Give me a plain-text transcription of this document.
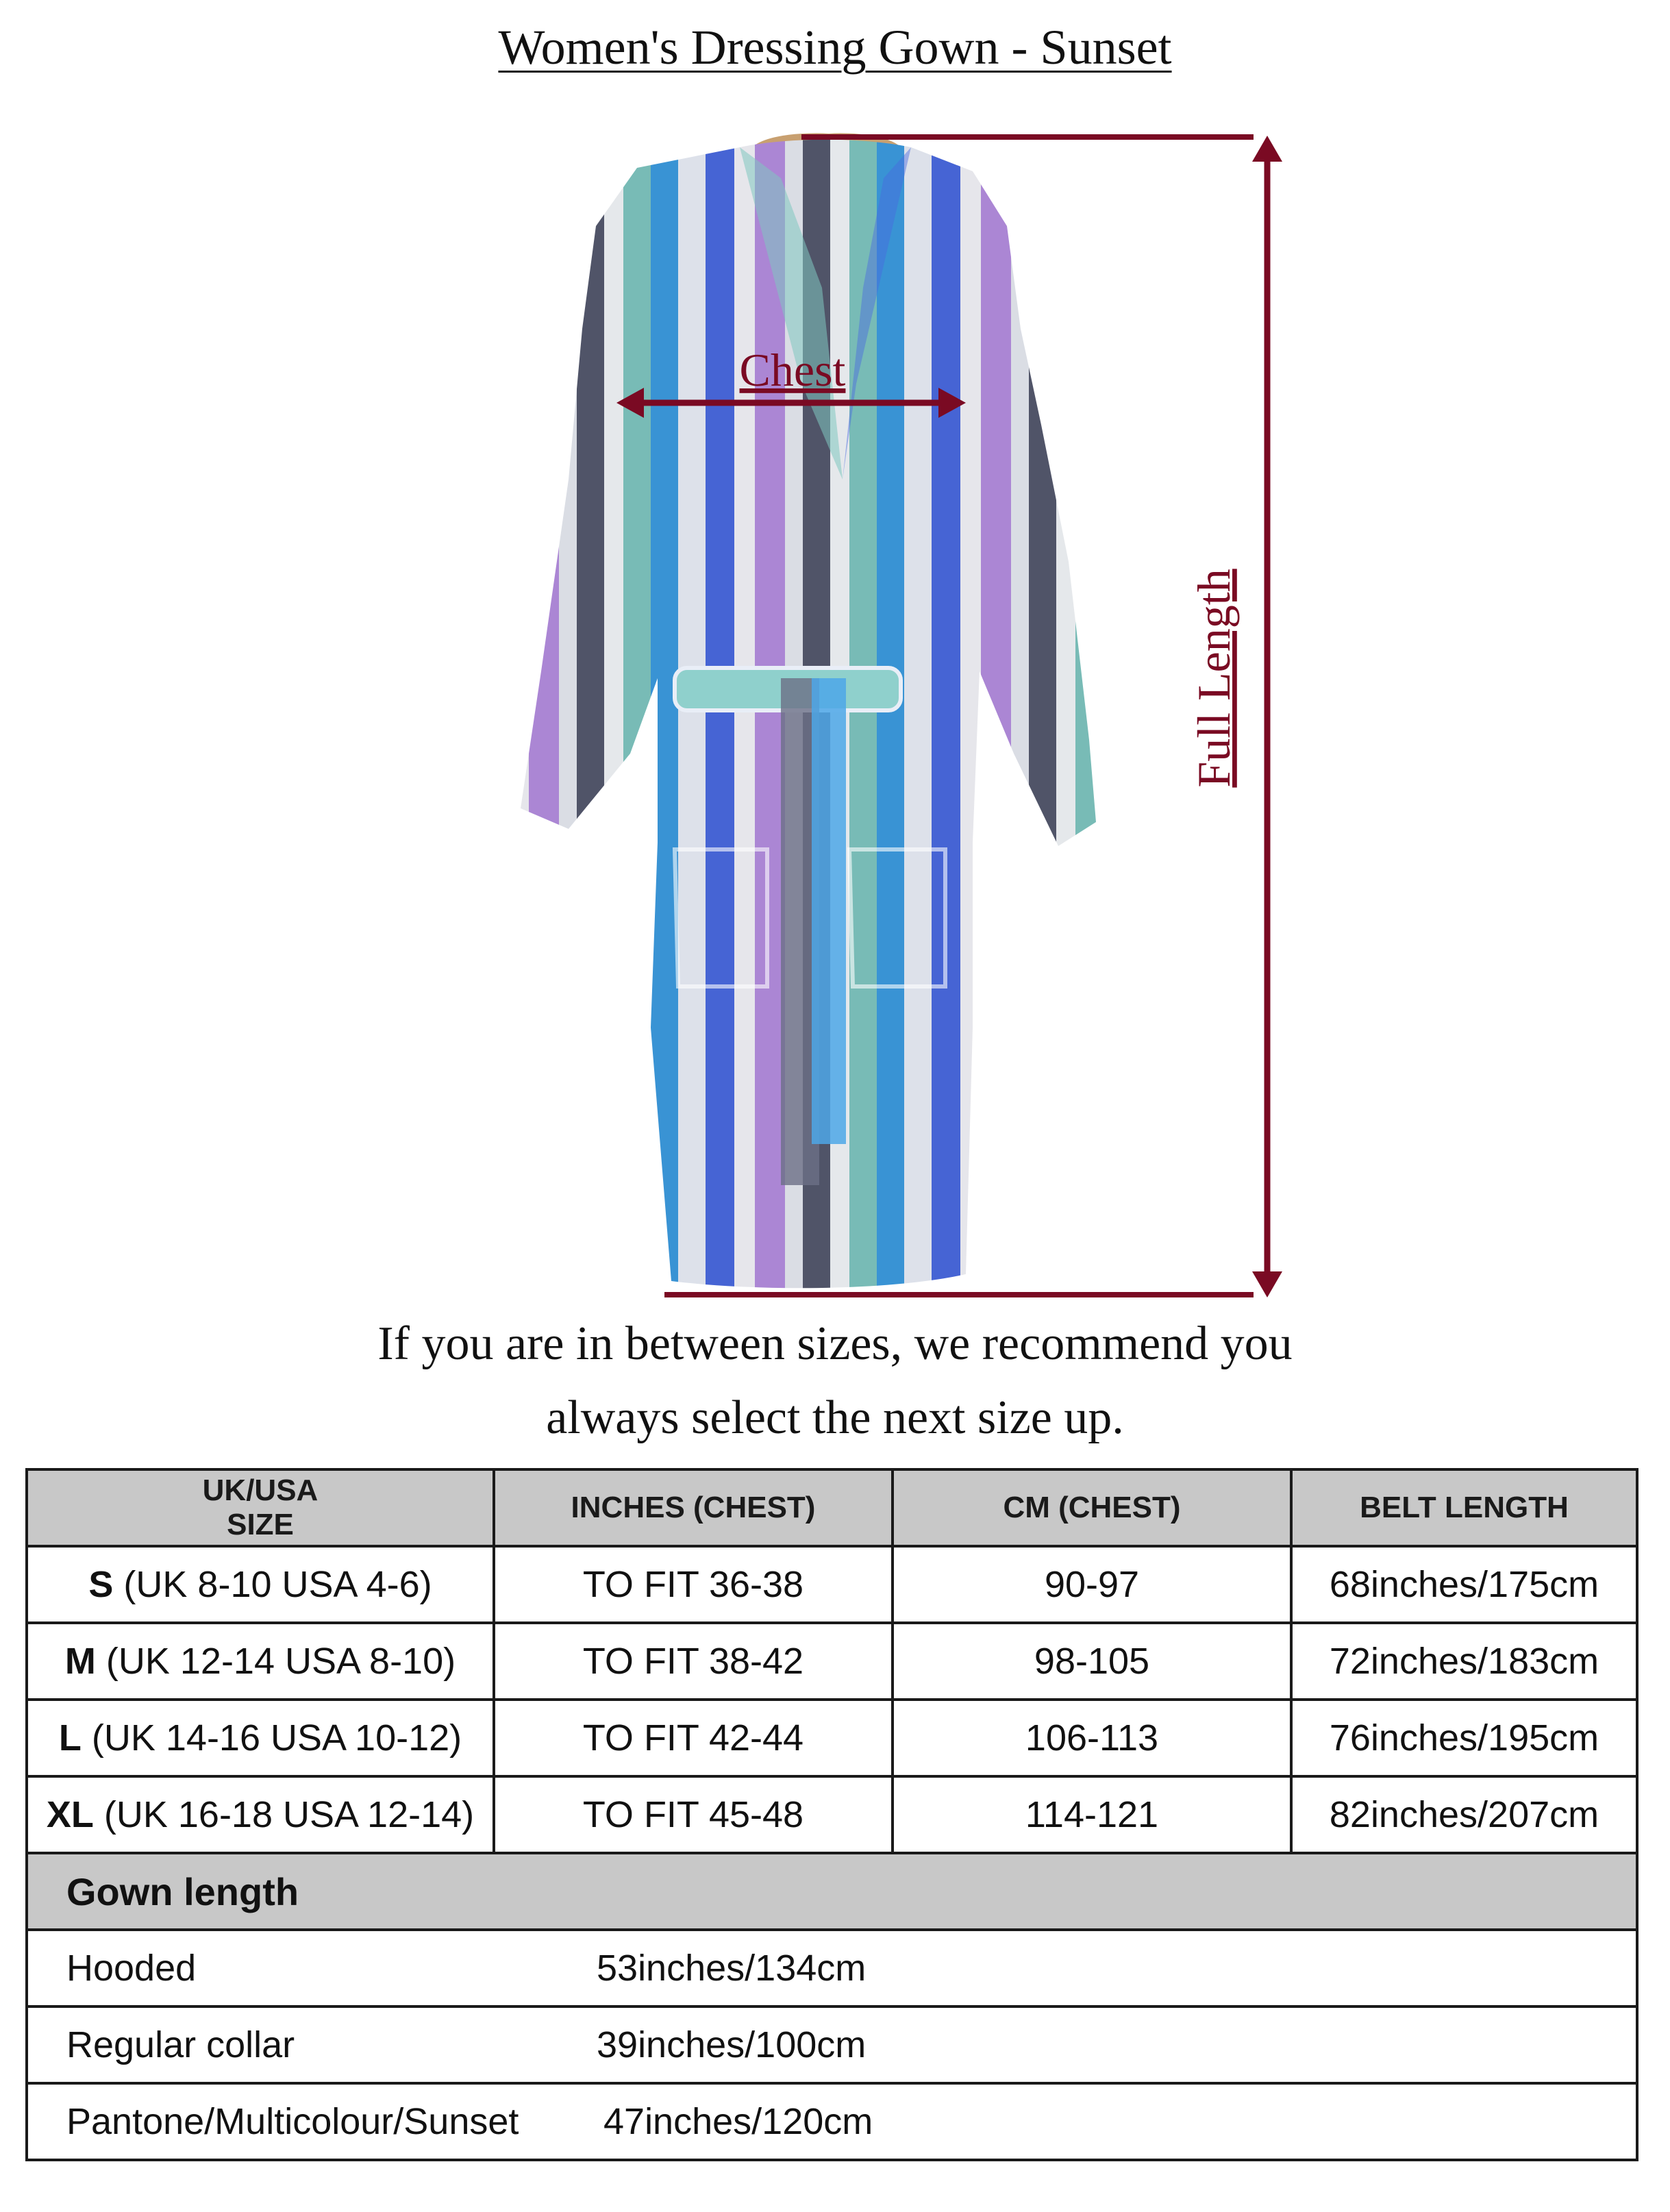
Women's Dressing Gown - Sunset
Chest
Full Length
If you are in between sizes, we recommend you
always select the next size up.
UK/USA
SIZE	INCHES (CHEST)	CM (CHEST)	BELT LENGTH
S (UK 8-10 USA 4-6)	TO FIT 36-38	90-97	68inches/175cm
M (UK 12-14 USA 8-10)	TO FIT 38-42	98-105	72inches/183cm
L (UK 14-16 USA 10-12)	TO FIT 42-44	106-113	76inches/195cm
XL (UK 16-18 USA 12-14)	TO FIT 45-48	114-121	82inches/207cm
Gown length			

Hooded 53inches/134cm			

Regular collar 39inches/100cm			

Pantone/Multicolour/Sunset 47inches/120cm			
